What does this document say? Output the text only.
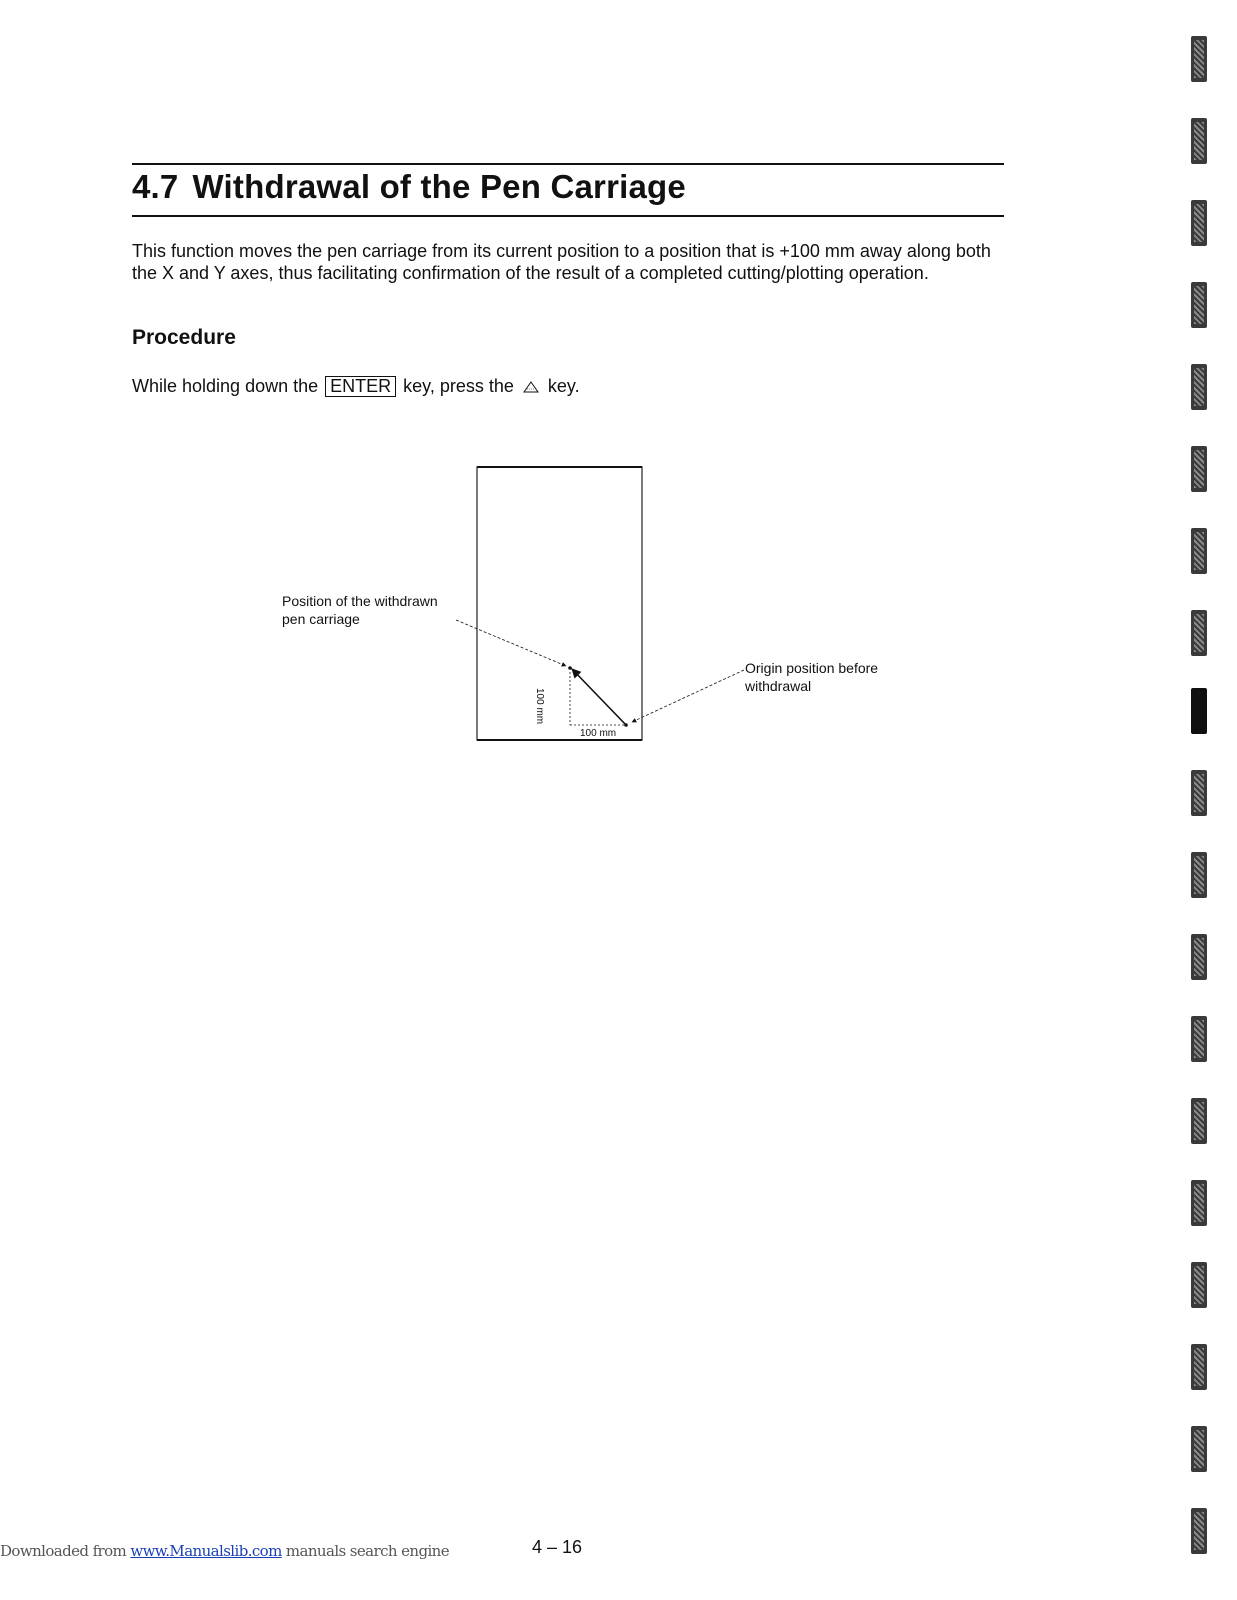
4.7 Withdrawal of the Pen Carriage

This function moves the pen carriage from its current position to a position that is +100 mm away along both the X and Y axes, thus facilitating confirmation of the result of a completed cutting/plotting operation.

Procedure

While holding down the ENTER key, press the key.

Position of the withdrawn
pen carriage

Origin position before
withdrawal

100 mm
100 mm

4 – 16

Downloaded from www.Manualslib.com manuals search engine
